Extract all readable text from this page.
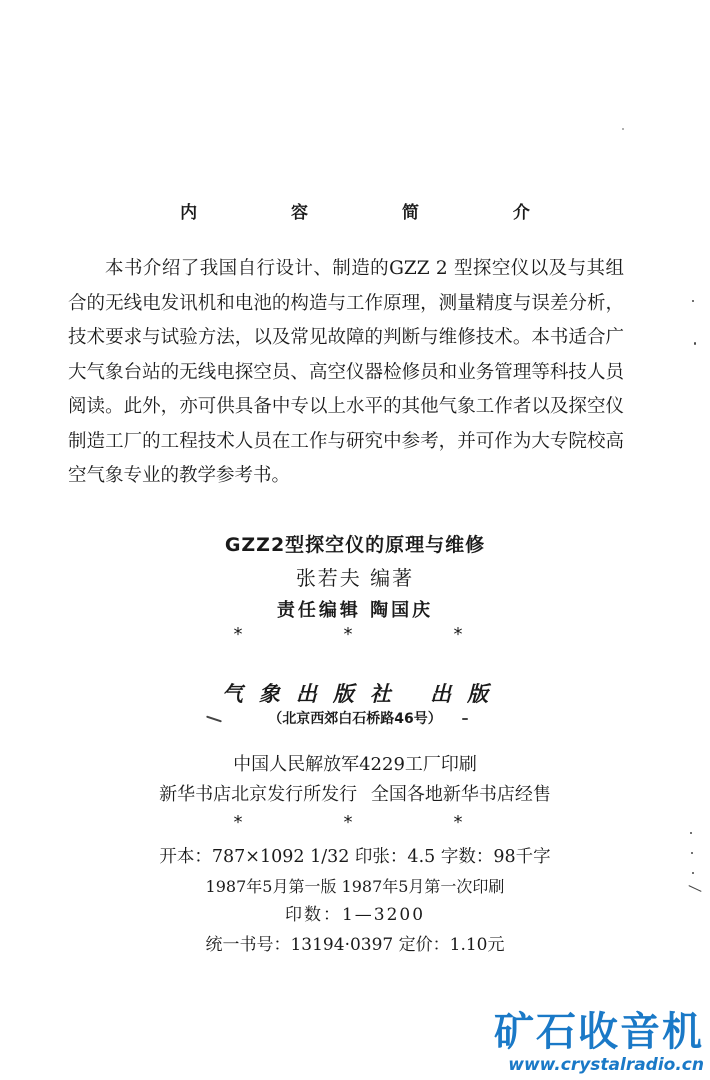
内 容 简 介

本书介绍了我国自行设计、制造的GZZ 2 型探空仪以及与其组合的无线电发讯机和电池的构造与工作原理，测量精度与误差分析，技术要求与试验方法，以及常见故障的判断与维修技术。本书适合广大气象台站的无线电探空员、高空仪器检修员和业务管理等科技人员阅读。此外，亦可供具备中专以上水平的其他气象工作者以及探空仪制造工厂的工程技术人员在工作与研究中参考，并可作为大专院校高空气象专业的教学参考书。

GZZ2型探空仪的原理与维修
张若夫 编著
责任编辑 陶国庆
*	*	*
气象出版社 出版
（北京西郊白石桥路46号）
中国人民解放军4229工厂印刷
新华书店北京发行所发行 全国各地新华书店经售
*	*	*
开本：787×1092 1/32 印张：4.5 字数：98千字
1987年5月第一版 1987年5月第一次印刷
印数：1—3200
统一书号：13194·0397 定价：1.10元
矿石收音机
www.crystalradio.cn
